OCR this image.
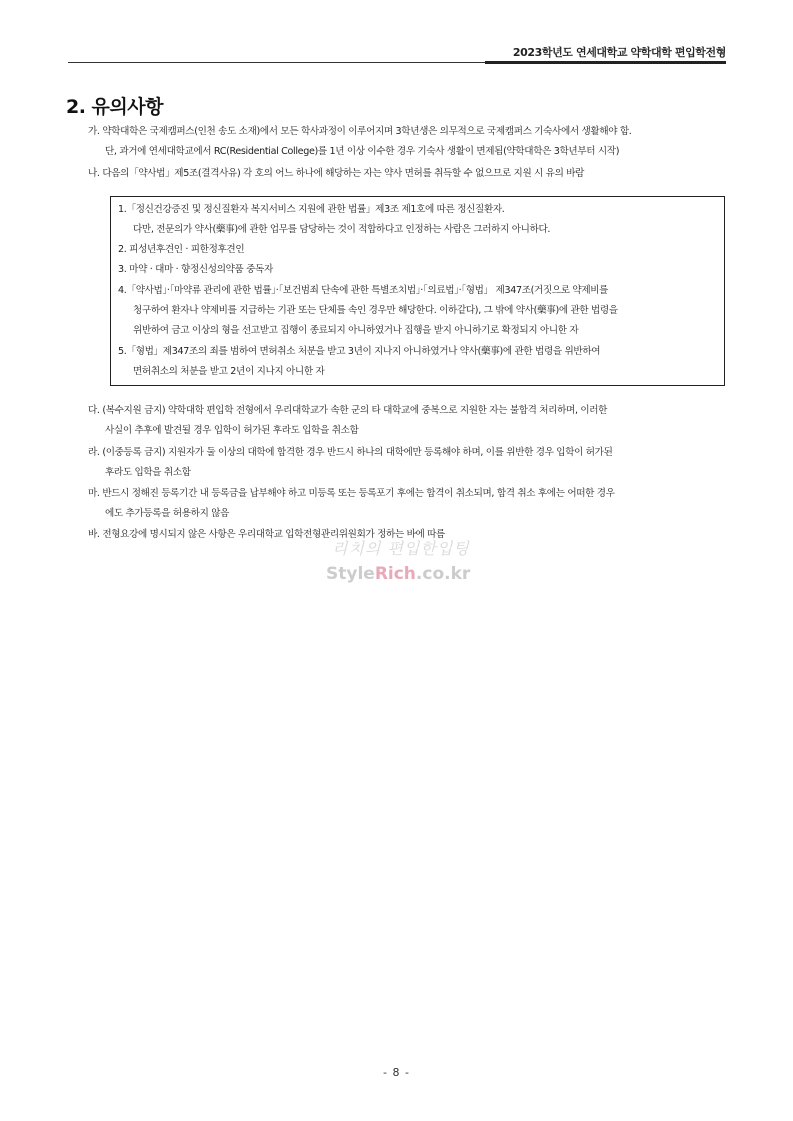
2023학년도 연세대학교 약학대학 편입학전형
2. 유의사항
가. 약학대학은 국제캠퍼스(인천 송도 소재)에서 모든 학사과정이 이루어지며 3학년생은 의무적으로 국제캠퍼스 기숙사에서 생활해야 함.
단, 과거에 연세대학교에서 RC(Residential College)를 1년 이상 이수한 경우 기숙사 생활이 면제됨(약학대학은 3학년부터 시작)
나. 다음의「약사법」제5조(결격사유) 각 호의 어느 하나에 해당하는 자는 약사 면허를 취득할 수 없으므로 지원 시 유의 바람
1.「정신건강증진 및 정신질환자 복지서비스 지원에 관한 법률」제3조 제1호에 따른 정신질환자.
다만, 전문의가 약사(藥事)에 관한 업무를 담당하는 것이 적합하다고 인정하는 사람은 그러하지 아니하다.
2. 피성년후견인 · 피한정후견인
3. 마약 · 대마 · 향정신성의약품 중독자
4.「약사법」·「마약류 관리에 관한 법률」·「보건범죄 단속에 관한 특별조치법」·「의료법」·「형법」 제347조(거짓으로 약제비를
청구하여 환자나 약제비를 지급하는 기관 또는 단체를 속인 경우만 해당한다. 이하같다), 그 밖에 약사(藥事)에 관한 법령을
위반하여 금고 이상의 형을 선고받고 집행이 종료되지 아니하였거나 집행을 받지 아니하기로 확정되지 아니한 자
5.「형법」제347조의 죄를 범하여 면허취소 처분을 받고 3년이 지나지 아니하였거나 약사(藥事)에 관한 법령을 위반하여
면허취소의 처분을 받고 2년이 지나지 아니한 자
다. (복수지원 금지) 약학대학 편입학 전형에서 우리대학교가 속한 군의 타 대학교에 중복으로 지원한 자는 불합격 처리하며, 이러한
사실이 추후에 발견될 경우 입학이 허가된 후라도 입학을 취소함
라. (이중등록 금지) 지원자가 둘 이상의 대학에 합격한 경우 반드시 하나의 대학에만 등록해야 하며, 이를 위반한 경우 입학이 허가된
후라도 입학을 취소함
마. 반드시 정해진 등록기간 내 등록금을 납부해야 하고 미등록 또는 등록포기 후에는 합격이 취소되며, 합격 취소 후에는 어떠한 경우
에도 추가등록을 허용하지 않음
바. 전형요강에 명시되지 않은 사항은 우리대학교 입학전형관리위원회가 정하는 바에 따름
리치의 편입한입팅
StyleRich.co.kr
- 8 -
